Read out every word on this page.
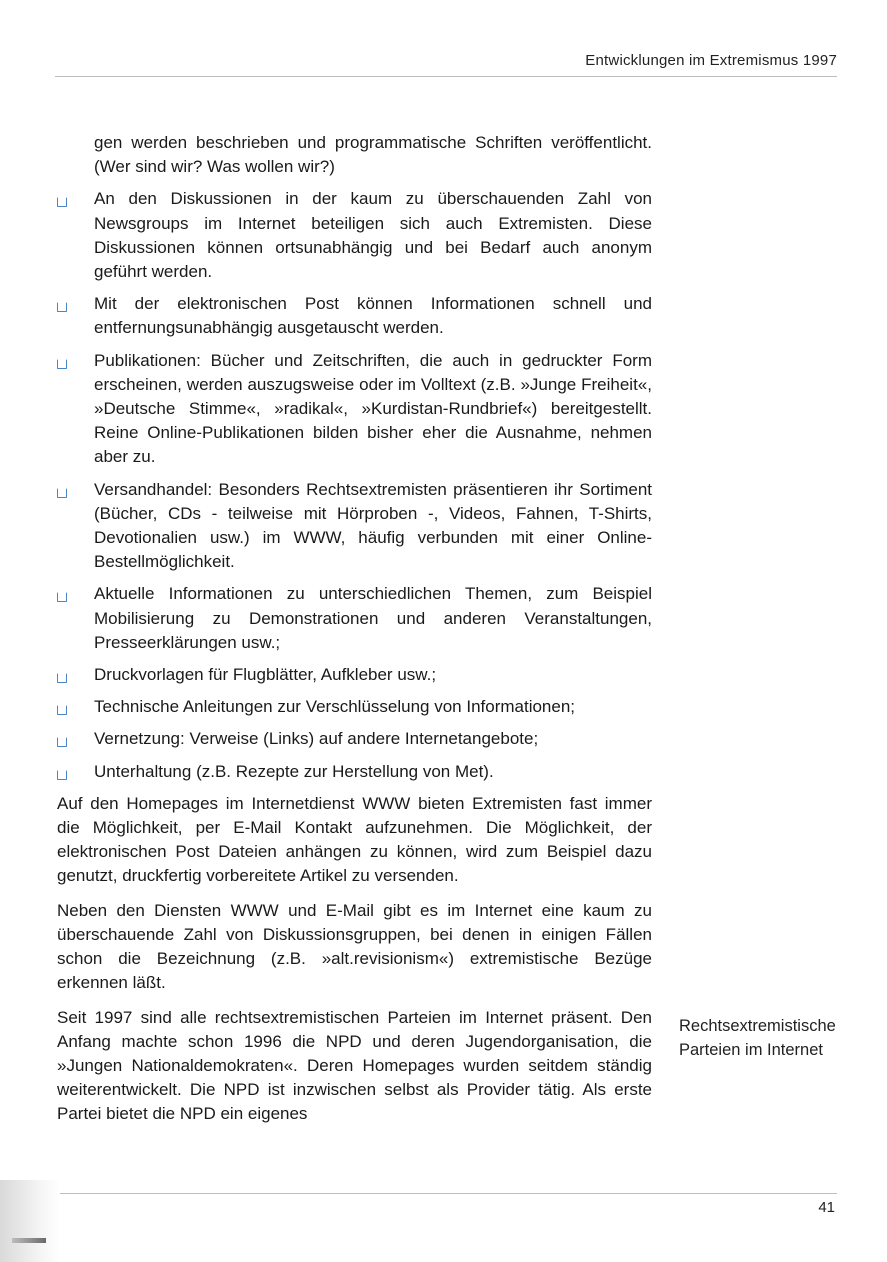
Entwicklungen im Extremismus 1997

gen werden beschrieben und programmatische Schriften veröffentlicht. (Wer sind wir? Was wollen wir?)

An den Diskussionen in der kaum zu überschauenden Zahl von Newsgroups im Internet beteiligen sich auch Extremisten. Diese Diskussionen können ortsunabhängig und bei Bedarf auch anonym geführt werden.
Mit der elektronischen Post können Informationen schnell und entfernungsunabhängig ausgetauscht werden.
Publikationen: Bücher und Zeitschriften, die auch in gedruckter Form erscheinen, werden auszugsweise oder im Volltext (z.B. »Junge Freiheit«, »Deutsche Stimme«, »radikal«, »Kurdistan-Rundbrief«) bereitgestellt. Reine Online-Publikationen bilden bisher eher die Ausnahme, nehmen aber zu.
Versandhandel: Besonders Rechtsextremisten präsentieren ihr Sortiment (Bücher, CDs - teilweise mit Hörproben -, Videos, Fahnen, T-Shirts, Devotionalien usw.) im WWW, häufig verbunden mit einer Online-Bestellmöglichkeit.
Aktuelle Informationen zu unterschiedlichen Themen, zum Beispiel Mobilisierung zu Demonstrationen und anderen Veranstaltungen, Presseerklärungen usw.;
Druckvorlagen für Flugblätter, Aufkleber usw.;
Technische Anleitungen zur Verschlüsselung von Informationen;
Vernetzung: Verweise (Links) auf andere Internetangebote;
Unterhaltung (z.B. Rezepte zur Herstellung von Met).

Auf den Homepages im Internetdienst WWW bieten Extremisten fast immer die Möglichkeit, per E-Mail Kontakt aufzunehmen. Die Möglichkeit, der elektronischen Post Dateien anhängen zu können, wird zum Beispiel dazu genutzt, druckfertig vorbereitete Artikel zu versenden.

Neben den Diensten WWW und E-Mail gibt es im Internet eine kaum zu überschauende Zahl von Diskussionsgruppen, bei denen in einigen Fällen schon die Bezeichnung (z.B. »alt.revisionism«) extremistische Bezüge erkennen läßt.

Seit 1997 sind alle rechtsextremistischen Parteien im Internet präsent. Den Anfang machte schon 1996 die NPD und deren Jugendorganisation, die »Jungen Nationaldemokraten«. Deren Homepages wurden seitdem ständig weiterentwickelt. Die NPD ist inzwischen selbst als Provider tätig. Als erste Partei bietet die NPD ein eigenes

Rechtsextremistische Parteien im Internet
41
